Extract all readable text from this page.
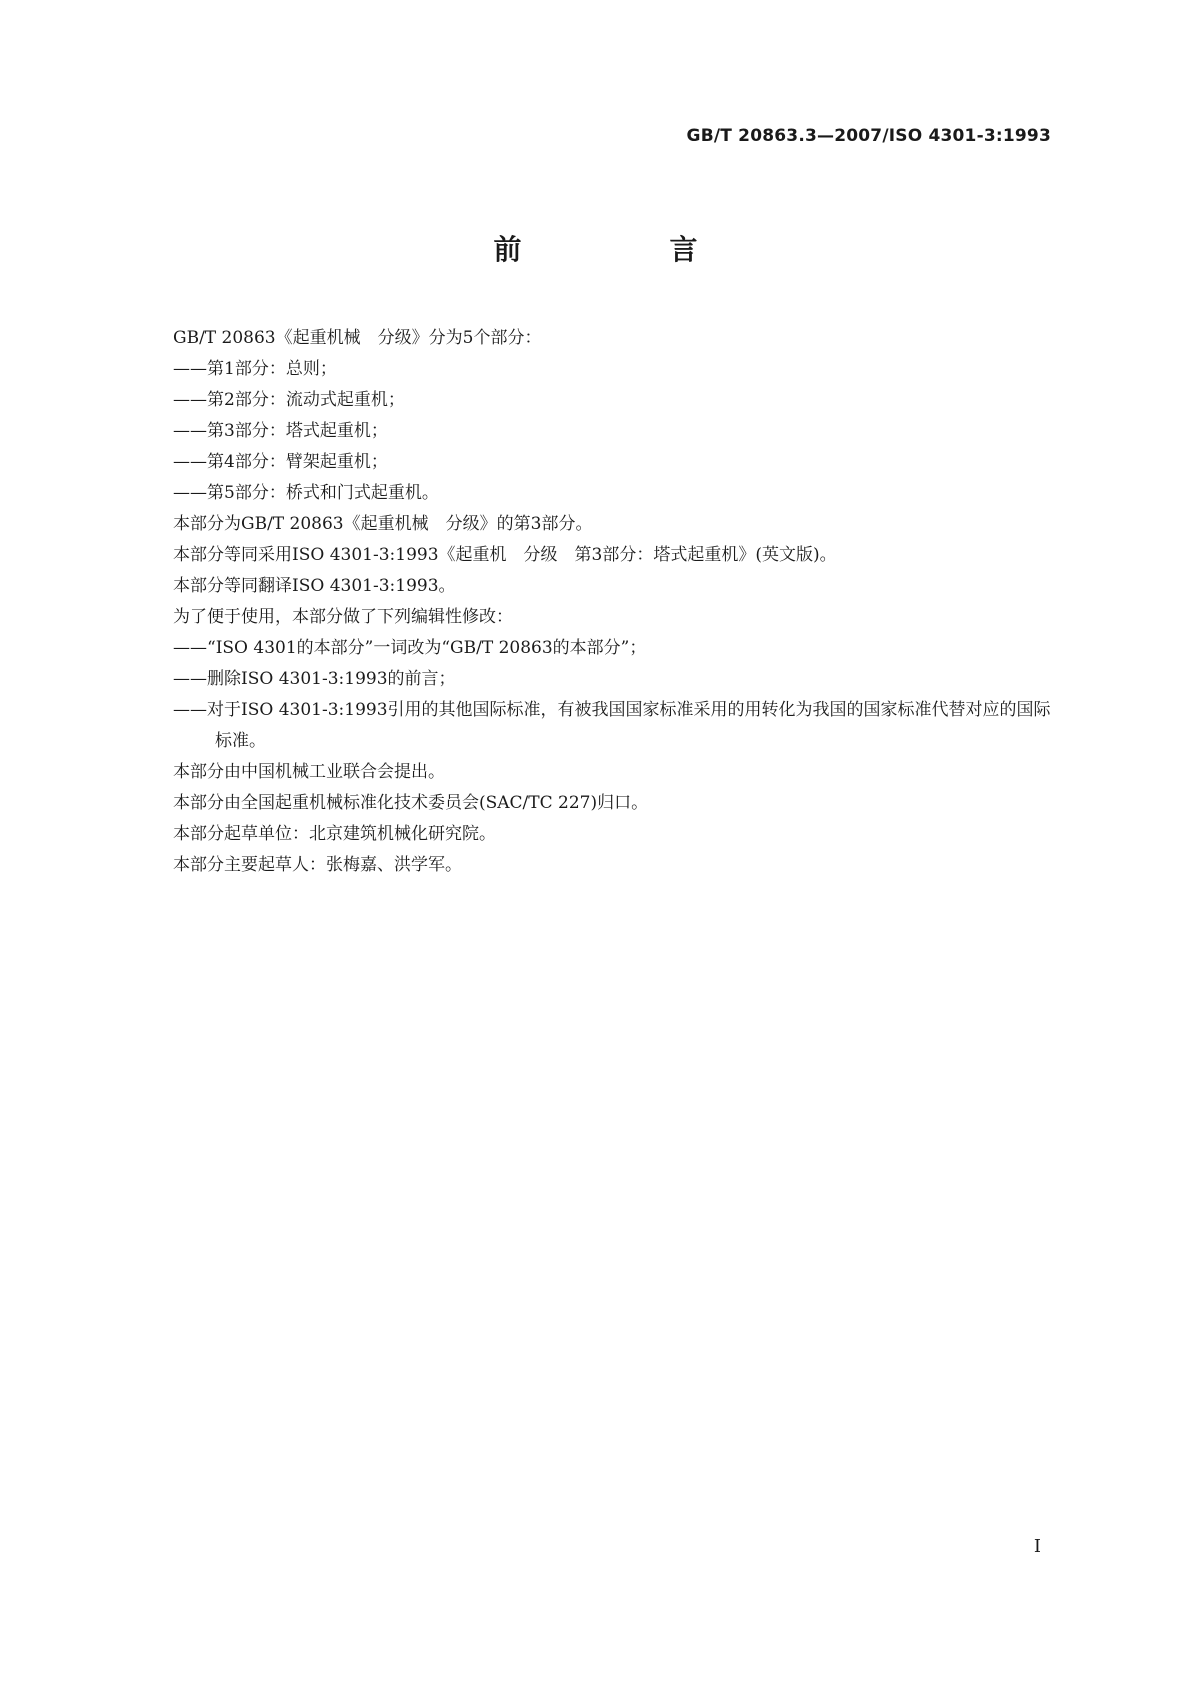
GB/T 20863.3—2007/ISO 4301-3:1993
前　言

GB/T 20863《起重机械　分级》分为5个部分：

——第1部分：总则；

——第2部分：流动式起重机；

——第3部分：塔式起重机；

——第4部分：臂架起重机；

——第5部分：桥式和门式起重机。

本部分为GB/T 20863《起重机械　分级》的第3部分。

本部分等同采用ISO 4301-3:1993《起重机　分级　第3部分：塔式起重机》(英文版)。

本部分等同翻译ISO 4301-3:1993。

为了便于使用，本部分做了下列编辑性修改：

——“ISO 4301的本部分”一词改为“GB/T 20863的本部分”；

——删除ISO 4301-3:1993的前言；

——对于ISO 4301-3:1993引用的其他国际标准，有被我国国家标准采用的用转化为我国的国家标准代替对应的国际标准。

本部分由中国机械工业联合会提出。

本部分由全国起重机械标准化技术委员会(SAC/TC 227)归口。

本部分起草单位：北京建筑机械化研究院。

本部分主要起草人：张梅嘉、洪学军。

I
